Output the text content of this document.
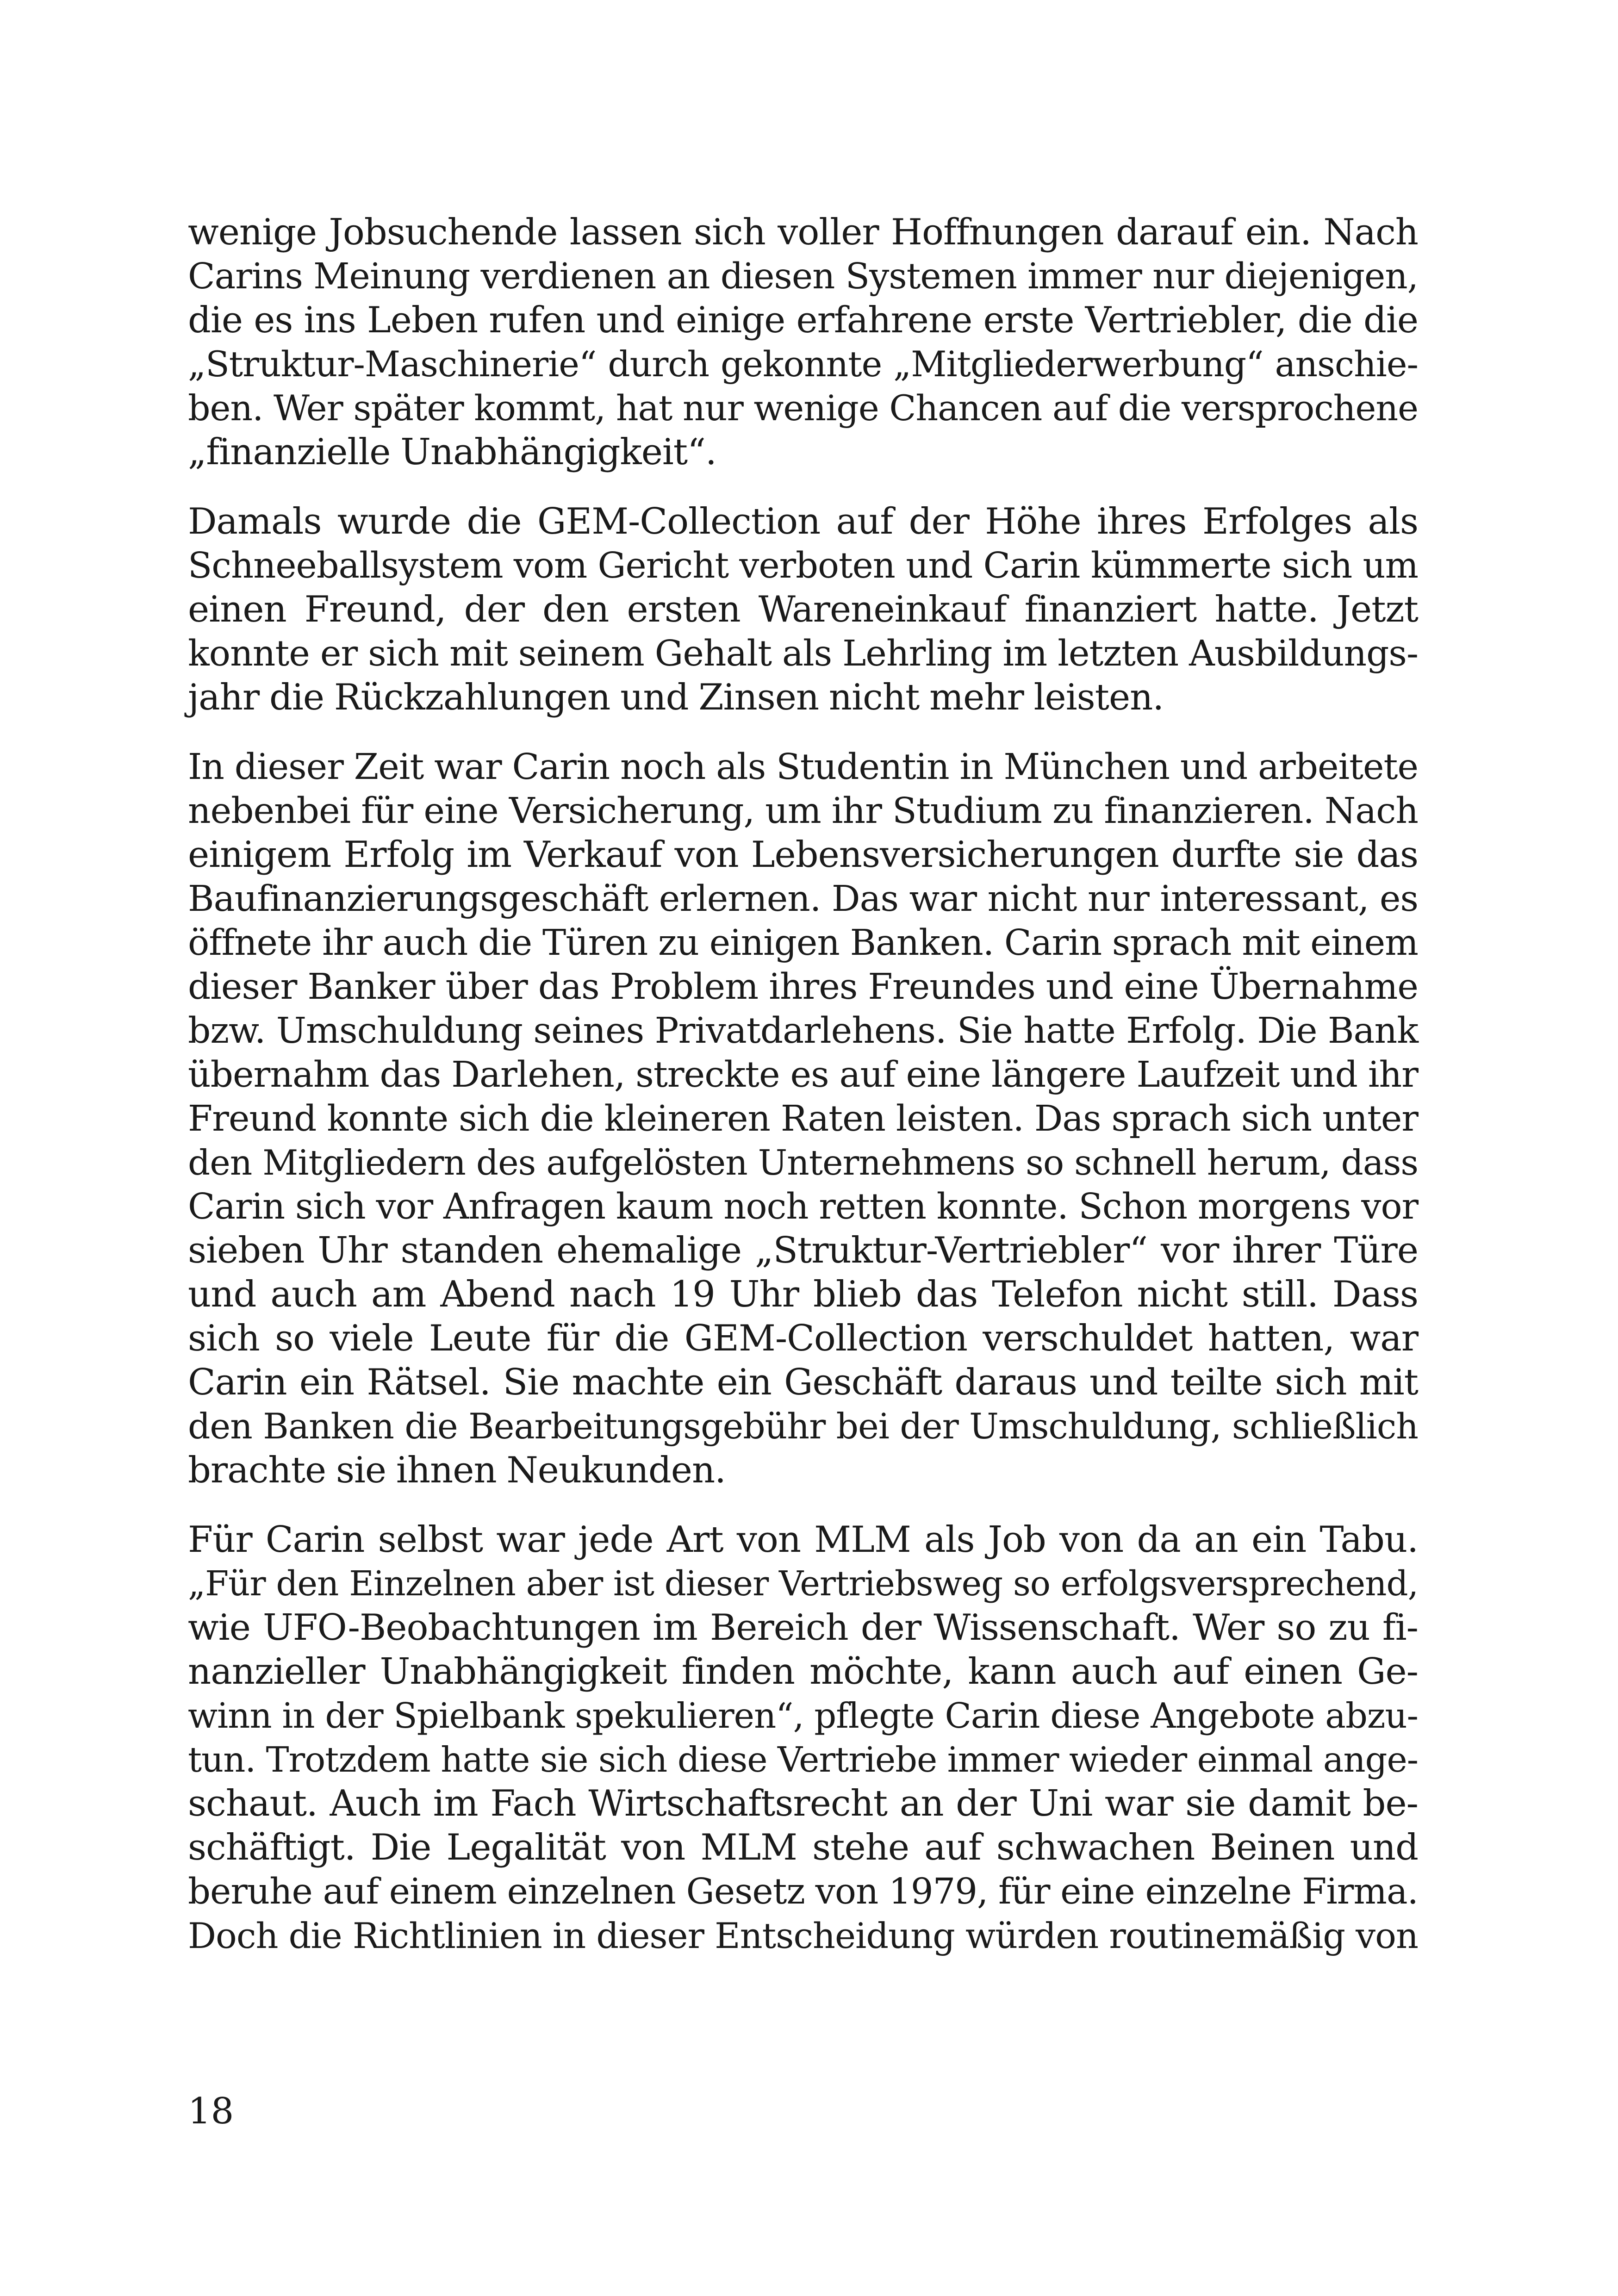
wenige Jobsuchende lassen sich voller Hoffnungen darauf ein. Nach
Carins Meinung verdienen an diesen Systemen immer nur diejenigen,
die es ins Leben rufen und einige erfahrene erste Vertriebler, die die
„Struktur-Maschinerie“ durch gekonnte „Mitgliederwerbung“ anschie-
ben. Wer später kommt, hat nur wenige Chancen auf die versprochene
„finanzielle Unabhängigkeit“.
Damals wurde die GEM-Collection auf der Höhe ihres Erfolges als
Schneeballsystem vom Gericht verboten und Carin kümmerte sich um
einen Freund, der den ersten Wareneinkauf finanziert hatte. Jetzt
konnte er sich mit seinem Gehalt als Lehrling im letzten Ausbildungs-
jahr die Rückzahlungen und Zinsen nicht mehr leisten.
In dieser Zeit war Carin noch als Studentin in München und arbeitete
nebenbei für eine Versicherung, um ihr Studium zu finanzieren. Nach
einigem Erfolg im Verkauf von Lebensversicherungen durfte sie das
Baufinanzierungsgeschäft erlernen. Das war nicht nur interessant, es
öffnete ihr auch die Türen zu einigen Banken. Carin sprach mit einem
dieser Banker über das Problem ihres Freundes und eine Übernahme
bzw. Umschuldung seines Privatdarlehens. Sie hatte Erfolg. Die Bank
übernahm das Darlehen, streckte es auf eine längere Laufzeit und ihr
Freund konnte sich die kleineren Raten leisten. Das sprach sich unter
den Mitgliedern des aufgelösten Unternehmens so schnell herum, dass
Carin sich vor Anfragen kaum noch retten konnte. Schon morgens vor
sieben Uhr standen ehemalige „Struktur-Vertriebler“ vor ihrer Türe
und auch am Abend nach 19 Uhr blieb das Telefon nicht still. Dass
sich so viele Leute für die GEM-Collection verschuldet hatten, war
Carin ein Rätsel. Sie machte ein Geschäft daraus und teilte sich mit
den Banken die Bearbeitungsgebühr bei der Umschuldung, schließlich
brachte sie ihnen Neukunden.
Für Carin selbst war jede Art von MLM als Job von da an ein Tabu.
„Für den Einzelnen aber ist dieser Vertriebsweg so erfolgsversprechend,
wie UFO-Beobachtungen im Bereich der Wissenschaft. Wer so zu fi-
nanzieller Unabhängigkeit finden möchte, kann auch auf einen Ge-
winn in der Spielbank spekulieren“, pflegte Carin diese Angebote abzu-
tun. Trotzdem hatte sie sich diese Vertriebe immer wieder einmal ange-
schaut. Auch im Fach Wirtschaftsrecht an der Uni war sie damit be-
schäftigt. Die Legalität von MLM stehe auf schwachen Beinen und
beruhe auf einem einzelnen Gesetz von 1979, für eine einzelne Firma.
Doch die Richtlinien in dieser Entscheidung würden routinemäßig von
18
